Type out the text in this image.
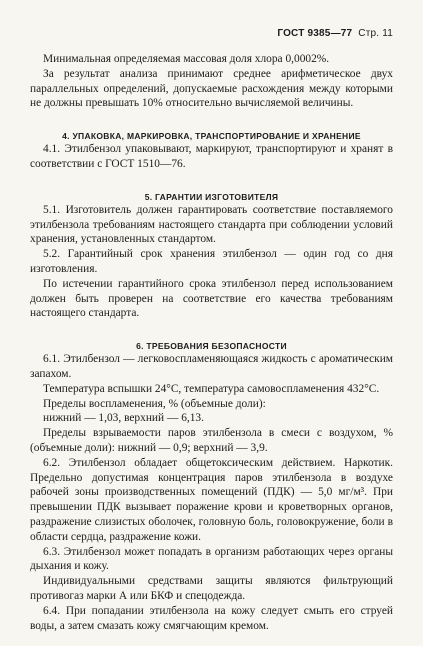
ГОСТ 9385—77 Стр. 11

Минимальная определяемая массовая доля хлора 0,0002%.

За результат анализа принимают среднее арифметическое двух параллельных определений, допускаемые расхождения между которыми не должны превышать 10% относительно вычисляемой величины.

4. УПАКОВКА, МАРКИРОВКА, ТРАНСПОРТИРОВАНИЕ И ХРАНЕНИЕ

4.1. Этилбензол упаковывают, маркируют, транспортируют и хранят в соответствии с ГОСТ 1510—76.

5. ГАРАНТИИ ИЗГОТОВИТЕЛЯ

5.1. Изготовитель должен гарантировать соответствие поставляемого этилбензола требованиям настоящего стандарта при соблюдении условий хранения, установленных стандартом.

5.2. Гарантийный срок хранения этилбензол — один год со дня изготовления.

По истечении гарантийного срока этилбензол перед использованием должен быть проверен на соответствие его качества требованиям настоящего стандарта.

6. ТРЕБОВАНИЯ БЕЗОПАСНОСТИ

6.1. Этилбензол — легковоспламеняющаяся жидкость с ароматическим запахом.

Температура вспышки 24°С, температура самовоспламенения 432°С.

Пределы воспламенения, % (объемные доли):

нижний — 1,03, верхний — 6,13.

Пределы взрываемости паров этилбензола в смеси с воздухом, % (объемные доли): нижний — 0,9; верхний — 3,9.

6.2. Этилбензол обладает общетоксическим действием. Наркотик. Предельно допустимая концентрация паров этилбензола в воздухе рабочей зоны производственных помещений (ПДК) — 5,0 мг/м³. При превышении ПДК вызывает поражение крови и кроветворных органов, раздражение слизистых оболочек, головную боль, головокружение, боли в области сердца, раздражение кожи.

6.3. Этилбензол может попадать в организм работающих через органы дыхания и кожу.

Индивидуальными средствами защиты являются фильтрующий противогаз марки А или БКФ и спецодежда.

6.4. При попадании этилбензола на кожу следует смыть его струей воды, а затем смазать кожу смягчающим кремом.
